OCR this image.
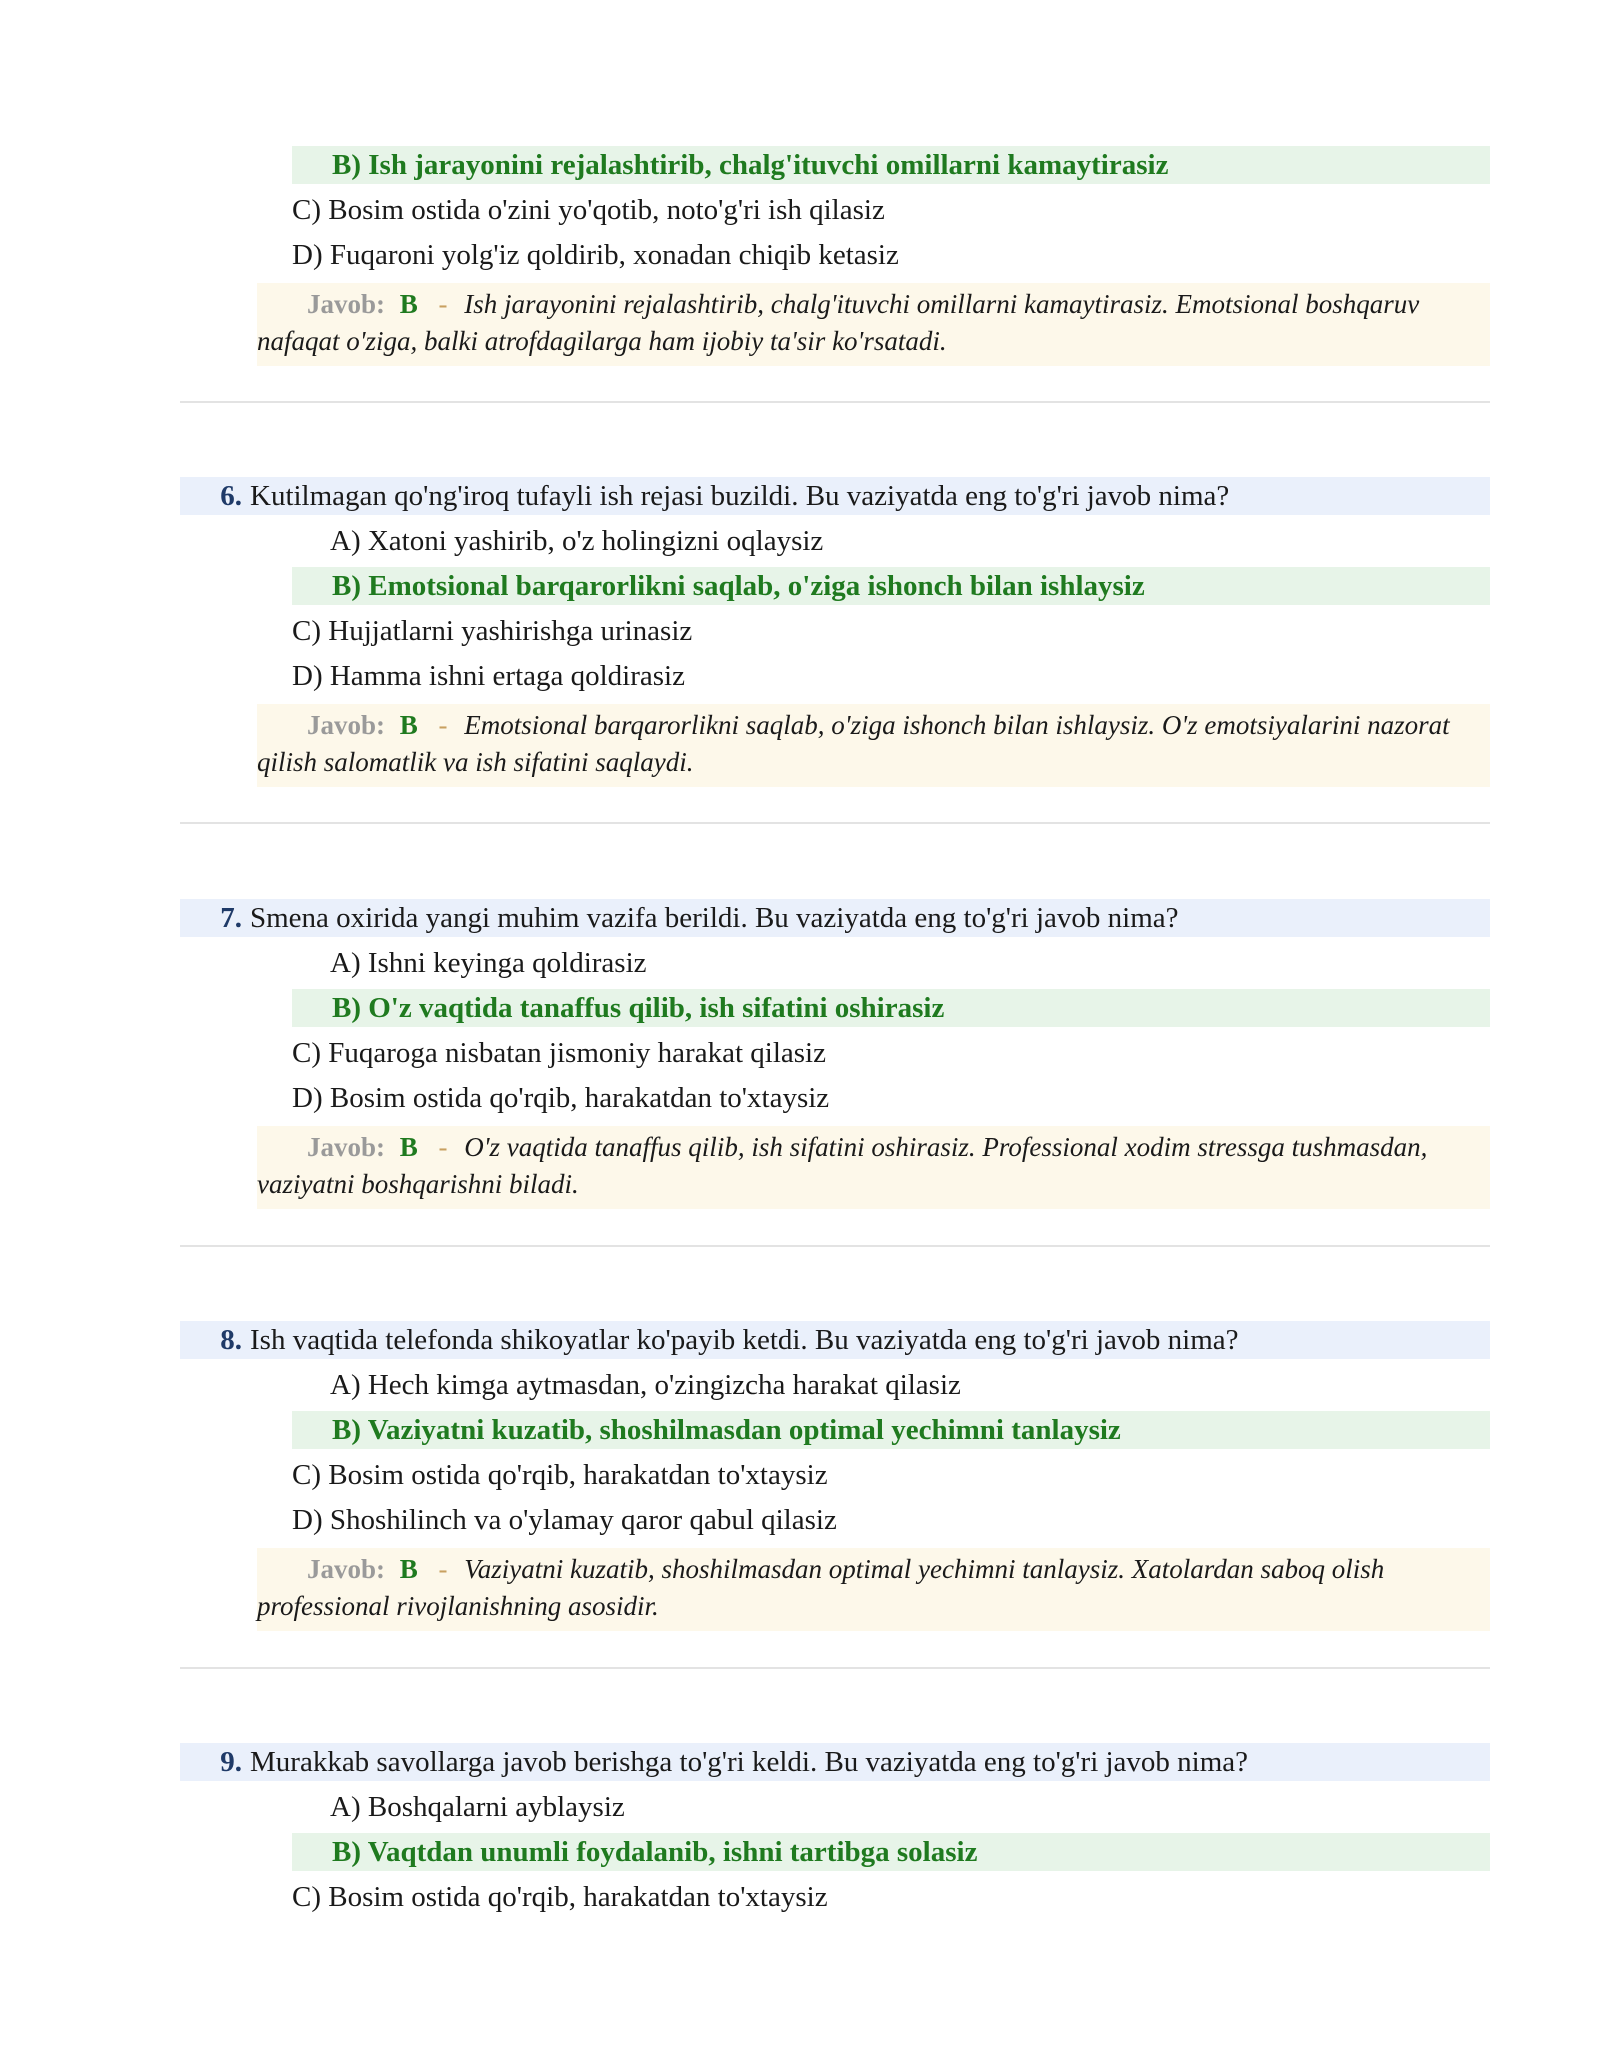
B) Ish jarayonini rejalashtirib, chalg'ituvchi omillarni kamaytirasiz
C) Bosim ostida o'zini yo'qotib, noto'g'ri ish qilasiz
D) Fuqaroni yolg'iz qoldirib, xonadan chiqib ketasiz
Javob: B - Ish jarayonini rejalashtirib, chalg'ituvchi omillarni kamaytirasiz. Emotsional boshqaruv nafaqat o'ziga, balki atrofdagilarga ham ijobiy ta'sir ko'rsatadi.
6. Kutilmagan qo'ng'iroq tufayli ish rejasi buzildi. Bu vaziyatda eng to'g'ri javob nima?
A) Xatoni yashirib, o'z holingizni oqlaysiz
B) Emotsional barqarorlikni saqlab, o'ziga ishonch bilan ishlaysiz
C) Hujjatlarni yashirishga urinasiz
D) Hamma ishni ertaga qoldirasiz
Javob: B - Emotsional barqarorlikni saqlab, o'ziga ishonch bilan ishlaysiz. O'z emotsiyalarini nazorat qilish salomatlik va ish sifatini saqlaydi.
7. Smena oxirida yangi muhim vazifa berildi. Bu vaziyatda eng to'g'ri javob nima?
A) Ishni keyinga qoldirasiz
B) O'z vaqtida tanaffus qilib, ish sifatini oshirasiz
C) Fuqaroga nisbatan jismoniy harakat qilasiz
D) Bosim ostida qo'rqib, harakatdan to'xtaysiz
Javob: B - O'z vaqtida tanaffus qilib, ish sifatini oshirasiz. Professional xodim stressga tushmasdan, vaziyatni boshqarishni biladi.
8. Ish vaqtida telefonda shikoyatlar ko'payib ketdi. Bu vaziyatda eng to'g'ri javob nima?
A) Hech kimga aytmasdan, o'zingizcha harakat qilasiz
B) Vaziyatni kuzatib, shoshilmasdan optimal yechimni tanlaysiz
C) Bosim ostida qo'rqib, harakatdan to'xtaysiz
D) Shoshilinch va o'ylamay qaror qabul qilasiz
Javob: B - Vaziyatni kuzatib, shoshilmasdan optimal yechimni tanlaysiz. Xatolardan saboq olish professional rivojlanishning asosidir.
9. Murakkab savollarga javob berishga to'g'ri keldi. Bu vaziyatda eng to'g'ri javob nima?
A) Boshqalarni ayblaysiz
B) Vaqtdan unumli foydalanib, ishni tartibga solasiz
C) Bosim ostida qo'rqib, harakatdan to'xtaysiz
